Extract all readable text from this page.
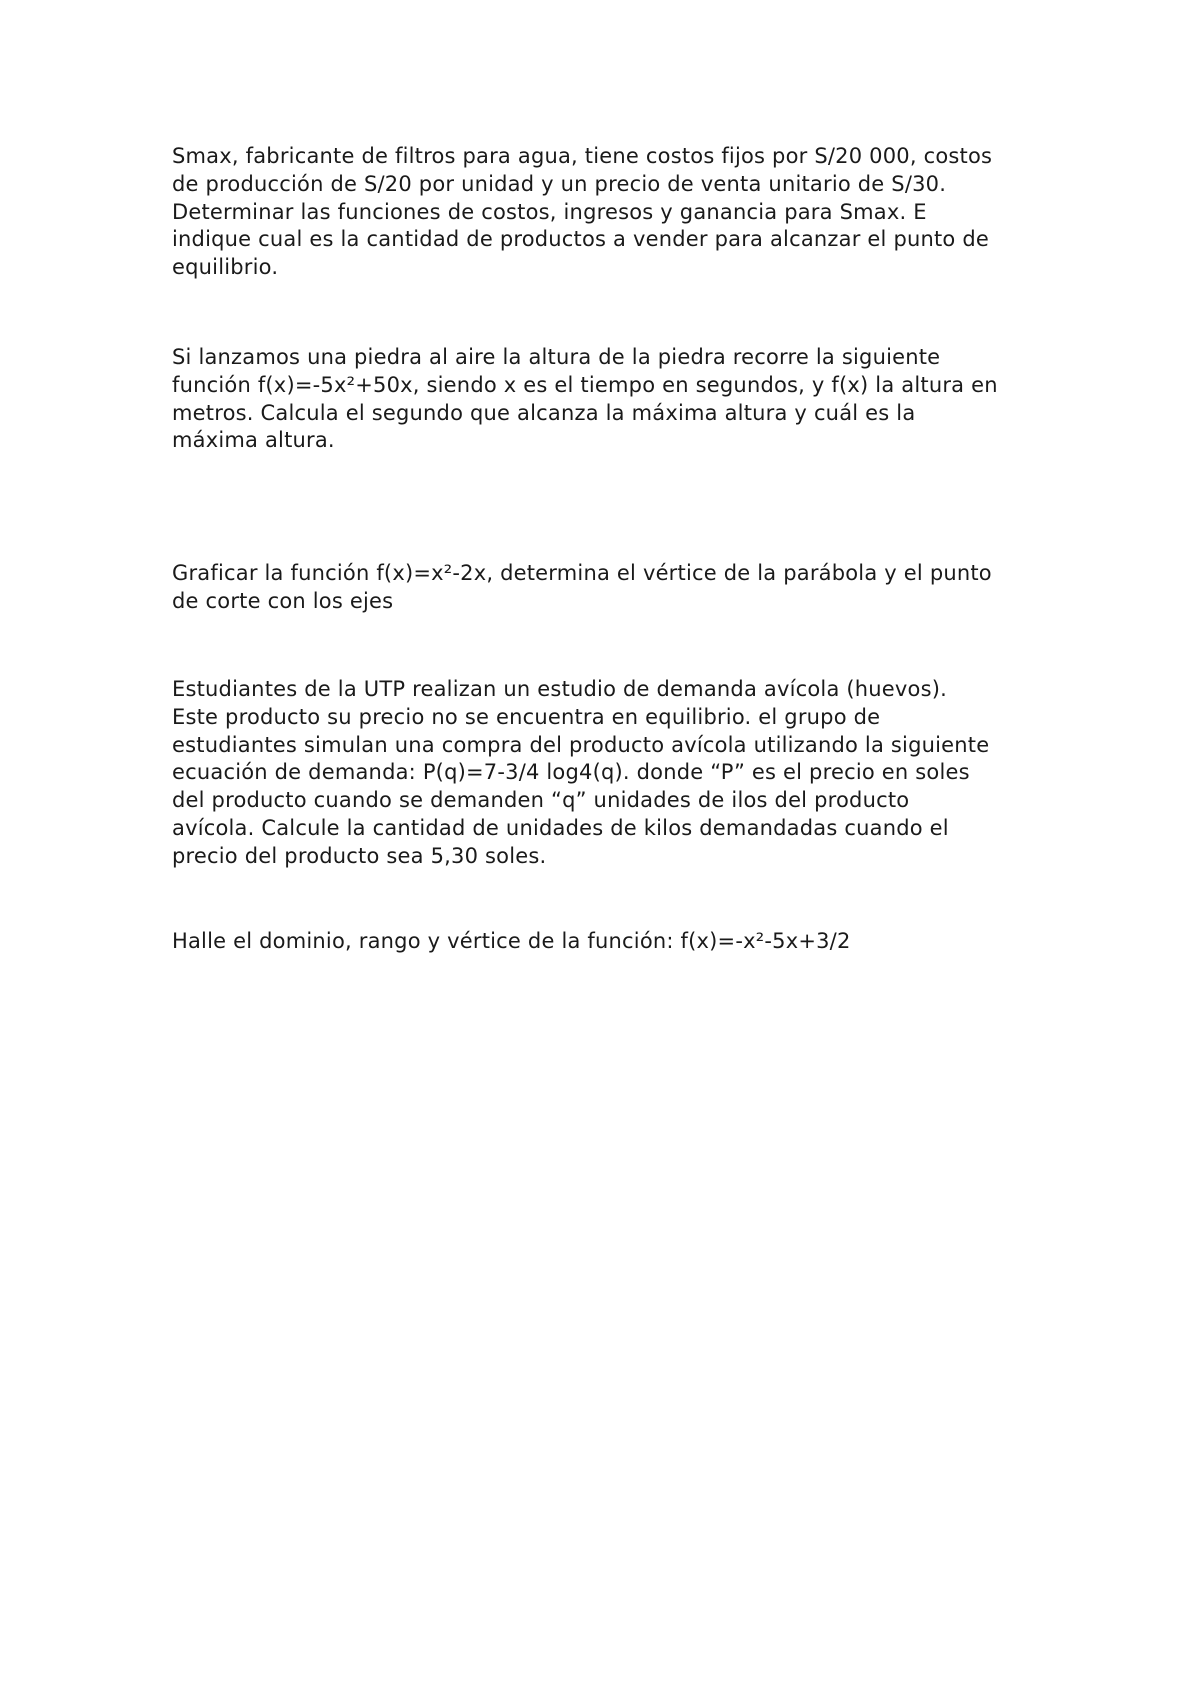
Smax, fabricante de filtros para agua, tiene costos fijos por S/20 000, costos
de producción de S/20 por unidad y un precio de venta unitario de S/30.
Determinar las funciones de costos, ingresos y ganancia para Smax. E
indique cual es la cantidad de productos a vender para alcanzar el punto de
equilibrio.
Si lanzamos una piedra al aire la altura de la piedra recorre la siguiente
función f(x)=-5x²+50x, siendo x es el tiempo en segundos, y f(x) la altura en
metros. Calcula el segundo que alcanza la máxima altura y cuál es la
máxima altura.
Graficar la función f(x)=x²-2x, determina el vértice de la parábola y el punto
de corte con los ejes
Estudiantes de la UTP realizan un estudio de demanda avícola (huevos).
Este producto su precio no se encuentra en equilibrio. el grupo de
estudiantes simulan una compra del producto avícola utilizando la siguiente
ecuación de demanda: P(q)=7-3/4 log4(q). donde “P” es el precio en soles
del producto cuando se demanden “q” unidades de ilos del producto
avícola. Calcule la cantidad de unidades de kilos demandadas cuando el
precio del producto sea 5,30 soles.
Halle el dominio, rango y vértice de la función: f(x)=-x²-5x+3/2
